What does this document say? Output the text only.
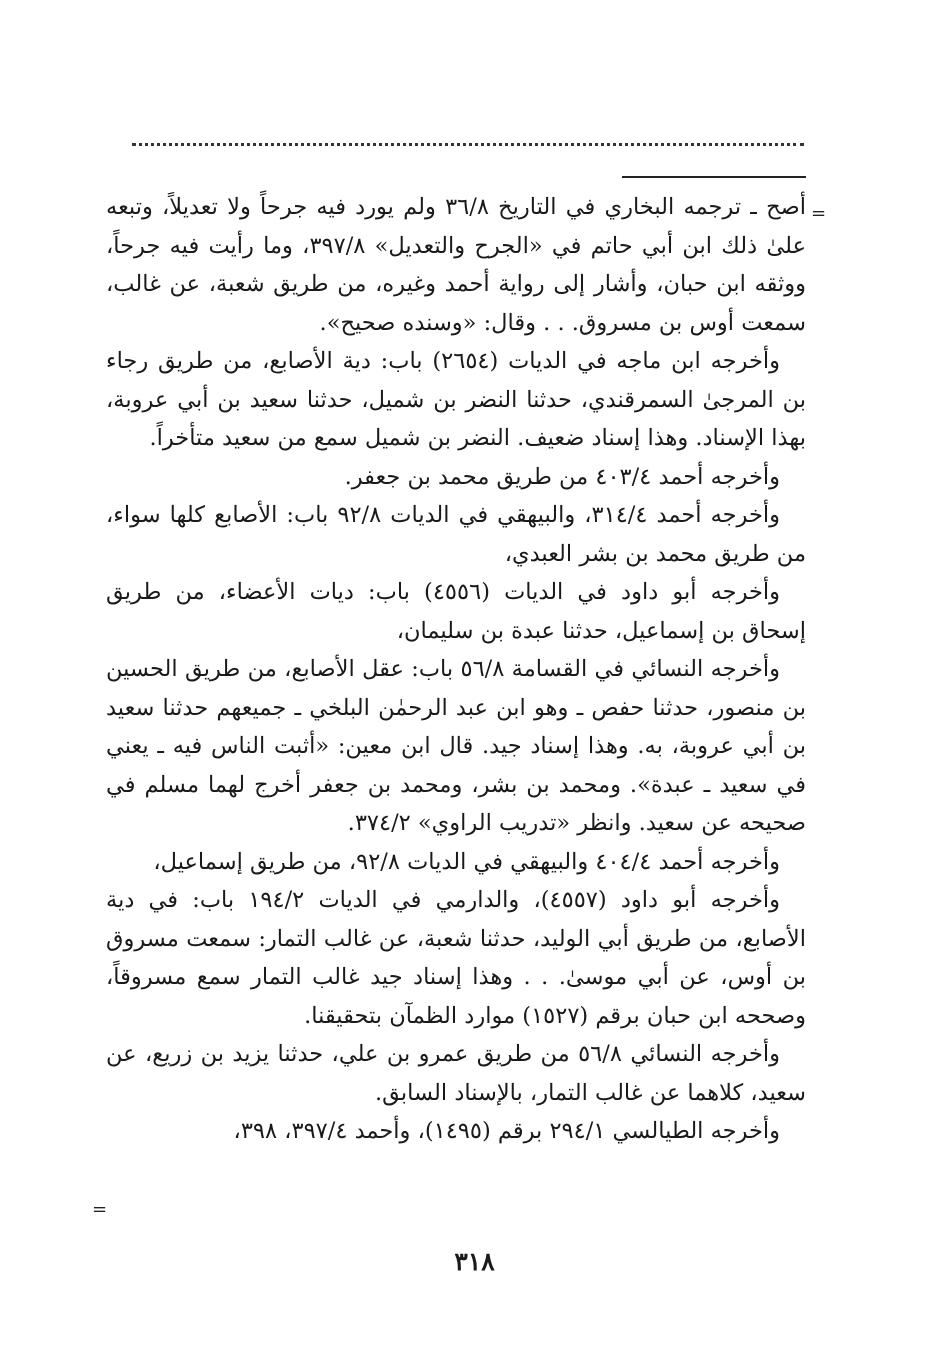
=

أصح ـ ترجمه البخاري في التاريخ ٣٦/٨ ولم يورد فيه جرحاً ولا تعديلاً، وتبعه علىٰ ذلك ابن أبي حاتم في «الجرح والتعديل» ٣٩٧/٨، وما رأيت فيه جرحاً، ووثقه ابن حبان، وأشار إلى رواية أحمد وغيره، من طريق شعبة، عن غالب، سمعت أوس بن مسروق. . . وقال: «وسنده صحيح».

وأخرجه ابن ماجه في الديات (٢٦٥٤) باب: دية الأصابع، من طريق رجاء بن المرجىٰ السمرقندي، حدثنا النضر بن شميل، حدثنا سعيد بن أبي عروبة، بهذا الإسناد. وهذا إسناد ضعيف. النضر بن شميل سمع من سعيد متأخراً.

وأخرجه أحمد ٤٠٣/٤ من طريق محمد بن جعفر.

وأخرجه أحمد ٣١٤/٤، والبيهقي في الديات ٩٢/٨ باب: الأصابع كلها سواء، من طريق محمد بن بشر العبدي،

وأخرجه أبو داود في الديات (٤٥٥٦) باب: ديات الأعضاء، من طريق إسحاق بن إسماعيل، حدثنا عبدة بن سليمان،

وأخرجه النسائي في القسامة ٥٦/٨ باب: عقل الأصابع، من طريق الحسين بن منصور، حدثنا حفص ـ وهو ابن عبد الرحمٰن البلخي ـ جميعهم حدثنا سعيد بن أبي عروبة، به. وهذا إسناد جيد. قال ابن معين: «أثبت الناس فيه ـ يعني في سعيد ـ عبدة». ومحمد بن بشر، ومحمد بن جعفر أخرج لهما مسلم في صحيحه عن سعيد. وانظر «تدريب الراوي» ٣٧٤/٢.

وأخرجه أحمد ٤٠٤/٤ والبيهقي في الديات ٩٢/٨، من طريق إسماعيل،

وأخرجه أبو داود (٤٥٥٧)، والدارمي في الديات ١٩٤/٢ باب: في دية الأصابع، من طريق أبي الوليد، حدثنا شعبة، عن غالب التمار: سمعت مسروق بن أوس، عن أبي موسىٰ. . . وهذا إسناد جيد غالب التمار سمع مسروقاً، وصححه ابن حبان برقم (١٥٢٧) موارد الظمآن بتحقيقنا.

وأخرجه النسائي ٥٦/٨ من طريق عمرو بن علي، حدثنا يزيد بن زريع، عن سعيد، كلاهما عن غالب التمار، بالإسناد السابق.

وأخرجه الطيالسي ٢٩٤/١ برقم (١٤٩٥)، وأحمد ٣٩٧/٤، ٣٩٨،

=
٣١٨
